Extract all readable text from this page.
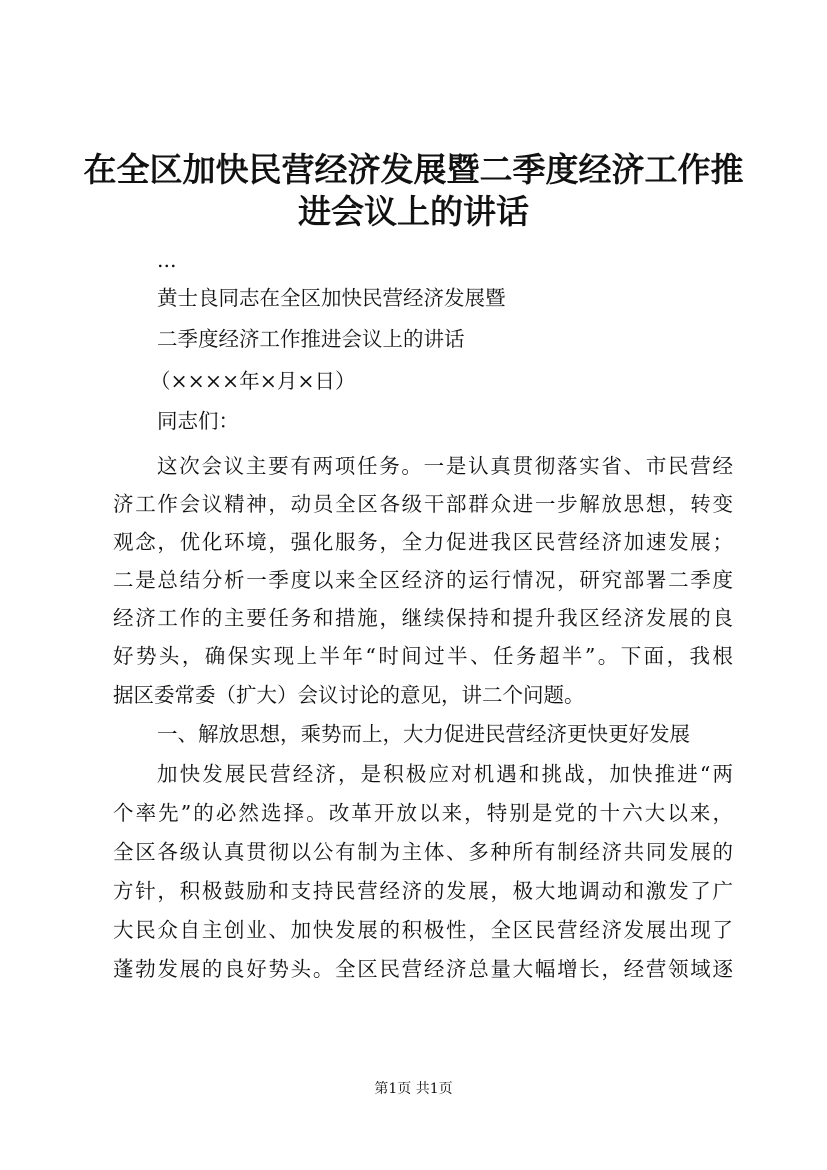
在全区加快民营经济发展暨二季度经济工作推
进会议上的讲话

...

黄士良同志在全区加快民营经济发展暨

二季度经济工作推进会议上的讲话

（××××年×月×日）

同志们：

这次会议主要有两项任务。一是认真贯彻落实省、市民营经

济工作会议精神，动员全区各级干部群众进一步解放思想，转变

观念，优化环境，强化服务，全力促进我区民营经济加速发展；

二是总结分析一季度以来全区经济的运行情况，研究部署二季度

经济工作的主要任务和措施，继续保持和提升我区经济发展的良

好势头，确保实现上半年“时间过半、任务超半”。下面，我根

据区委常委（扩大）会议讨论的意见，讲二个问题。

一、解放思想，乘势而上，大力促进民营经济更快更好发展

加快发展民营经济，是积极应对机遇和挑战，加快推进“两

个率先”的必然选择。改革开放以来，特别是党的十六大以来，

全区各级认真贯彻以公有制为主体、多种所有制经济共同发展的

方针，积极鼓励和支持民营经济的发展，极大地调动和激发了广

大民众自主创业、加快发展的积极性，全区民营经济发展出现了

蓬勃发展的良好势头。全区民营经济总量大幅增长，经营领域逐

第1页 共1页
